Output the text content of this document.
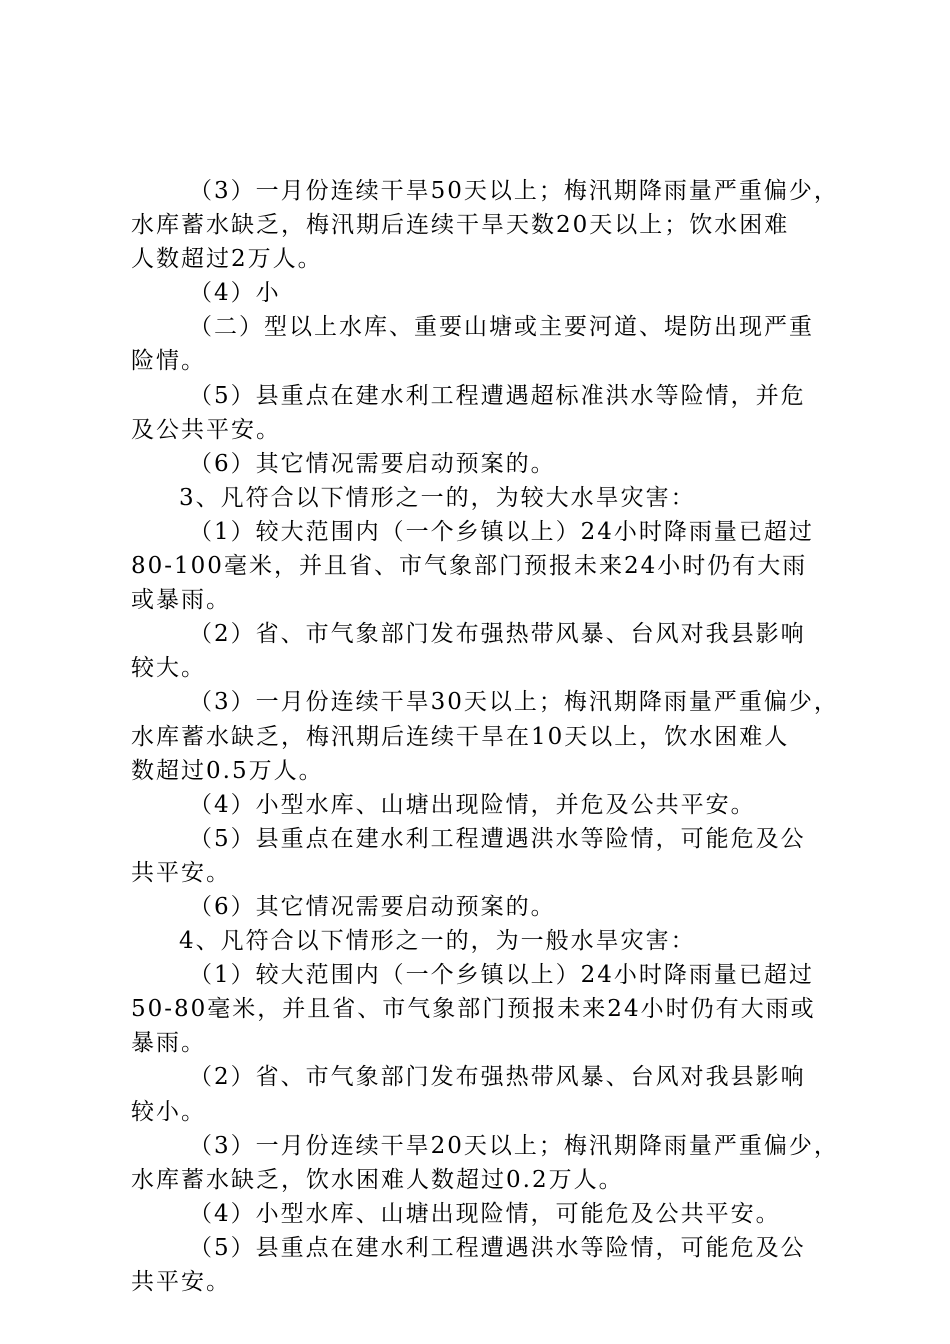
（3）一月份连续干旱50天以上；梅汛期降雨量严重偏少，
水库蓄水缺乏，梅汛期后连续干旱天数20天以上；饮水困难
人数超过2万人。
（4）小
（二）型以上水库、重要山塘或主要河道、堤防出现严重
险情。
（5）县重点在建水利工程遭遇超标准洪水等险情，并危
及公共平安。
（6）其它情况需要启动预案的。
3、凡符合以下情形之一的，为较大水旱灾害：
（1）较大范围内（一个乡镇以上）24小时降雨量已超过
80-100毫米，并且省、市气象部门预报未来24小时仍有大雨
或暴雨。
（2）省、市气象部门发布强热带风暴、台风对我县影响
较大。
（3）一月份连续干旱30天以上；梅汛期降雨量严重偏少，
水库蓄水缺乏，梅汛期后连续干旱在10天以上，饮水困难人
数超过0.5万人。
（4）小型水库、山塘出现险情，并危及公共平安。
（5）县重点在建水利工程遭遇洪水等险情，可能危及公
共平安。
（6）其它情况需要启动预案的。
4、凡符合以下情形之一的，为一般水旱灾害：
（1）较大范围内（一个乡镇以上）24小时降雨量已超过
50-80毫米，并且省、市气象部门预报未来24小时仍有大雨或
暴雨。
（2）省、市气象部门发布强热带风暴、台风对我县影响
较小。
（3）一月份连续干旱20天以上；梅汛期降雨量严重偏少，
水库蓄水缺乏，饮水困难人数超过0.2万人。
（4）小型水库、山塘出现险情，可能危及公共平安。
（5）县重点在建水利工程遭遇洪水等险情，可能危及公
共平安。
